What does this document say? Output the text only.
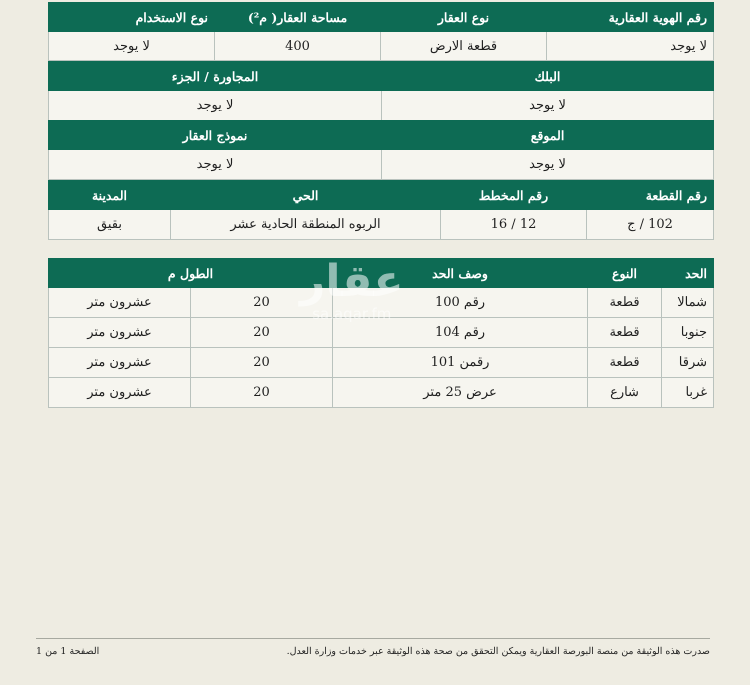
رقم الهوية العقارية	نوع العقار	مساحة العقار( م²)	نوع الاستخدام
لا يوجد	قطعة الارض	400	لا يوجد
البلك	المجاورة / الجزء
لا يوجد	لا يوجد
الموقع	نموذج العقار
لا يوجد	لا يوجد
رقم القطعة	رقم المخطط	الحي	المدينة
102 / ج	12 / 16	الربوه المنطقة الحادية عشر	بقيق
الحد	النوع	وصف الحد	الطول م	
شمالا	قطعة	رقم 100	20	عشرون متر
جنوبا	قطعة	رقم 104	20	عشرون متر
شرقا	قطعة	رقمن 101	20	عشرون متر
غربا	شارع	عرض 25 متر	20	عشرون متر
عقار
sa.aqar.fm
صدرت هذه الوثيقة من منصة البورصة العقارية ويمكن التحقق من صحة هذه الوثيقة عبر خدمات وزارة العدل.
الصفحة 1 من 1
